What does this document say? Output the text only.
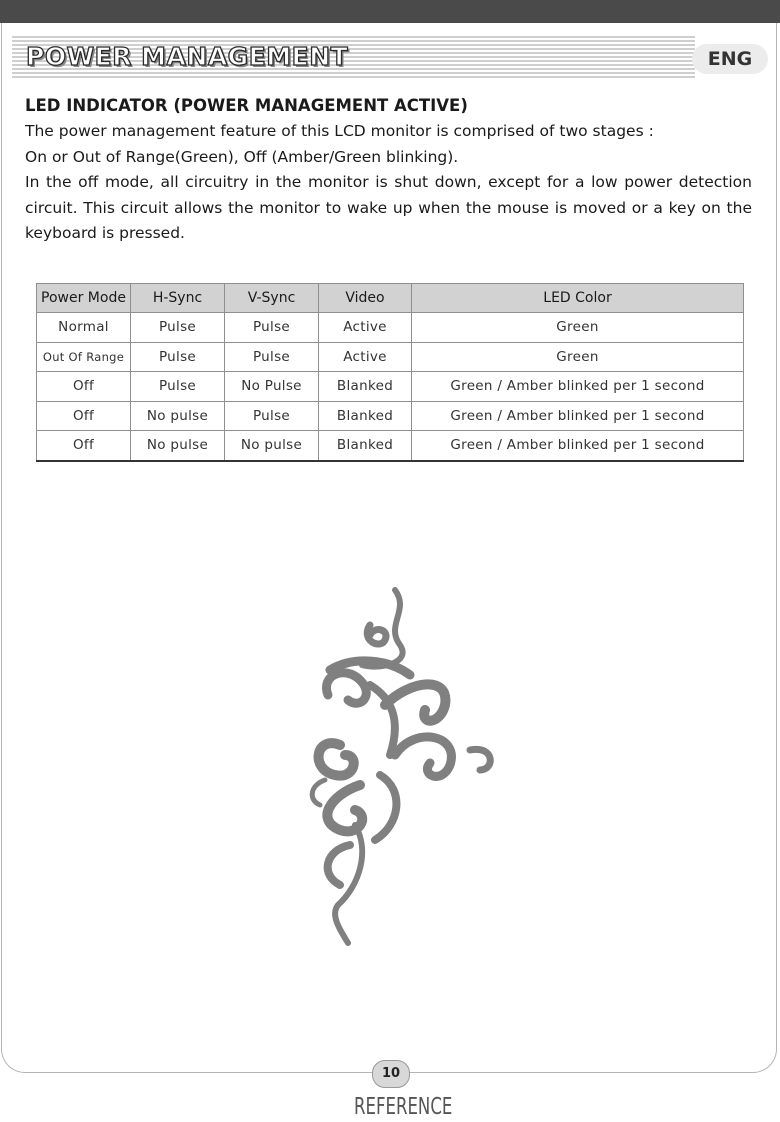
POWER MANAGEMENT	ENG

LED INDICATOR (POWER MANAGEMENT ACTIVE)

The power management feature of this LCD monitor is comprised of two stages :

On or Out of Range(Green), Off (Amber/Green blinking).

In the off mode, all circuitry in the monitor is shut down, except for a low power detection circuit. This circuit allows the monitor to wake up when the mouse is moved or a key on the keyboard is pressed.

Power Mode	H-Sync	V-Sync	Video	LED Color
Normal	Pulse	Pulse	Active	Green
Out Of Range	Pulse	Pulse	Active	Green
Off	Pulse	No Pulse	Blanked	Green / Amber blinked per 1 second
Off	No pulse	Pulse	Blanked	Green / Amber blinked per 1 second
Off	No pulse	No pulse	Blanked	Green / Amber blinked per 1 second
10
REFERENCE
